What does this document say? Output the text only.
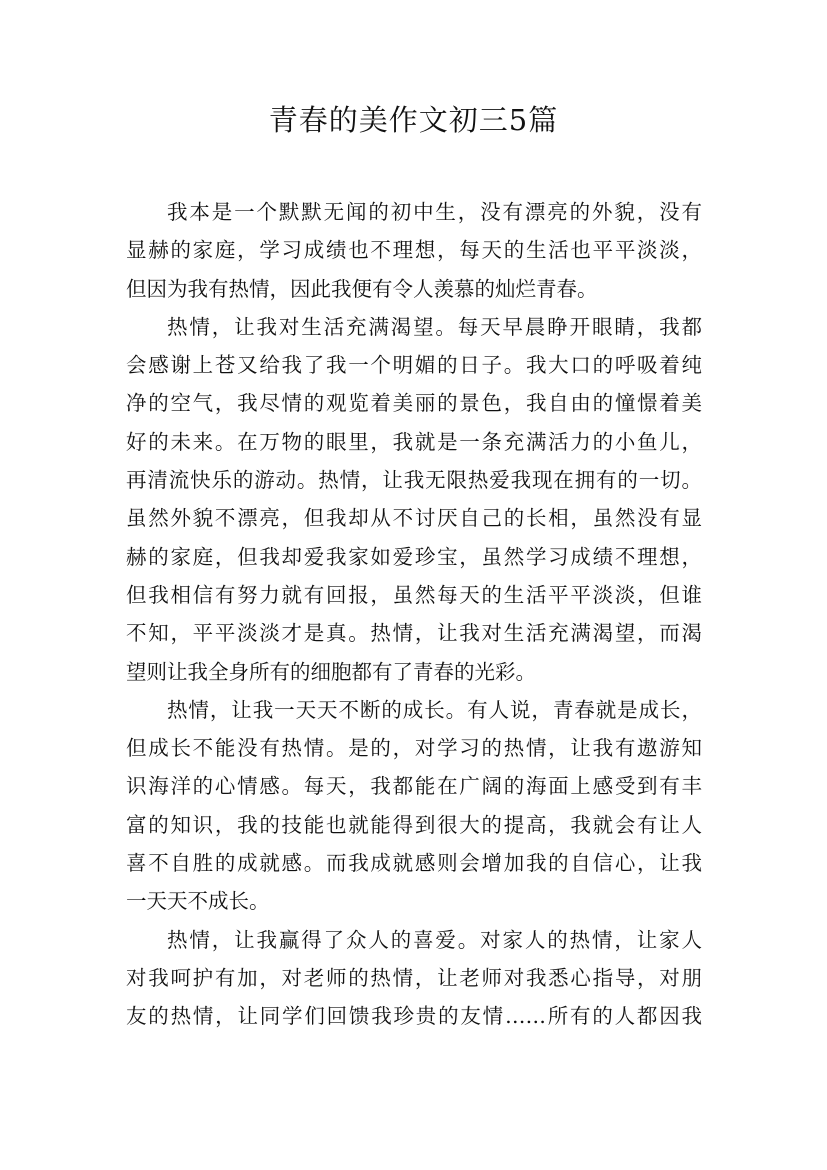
青春的美作文初三5篇
我本是一个默默无闻的初中生，没有漂亮的外貌，没有
显赫的家庭，学习成绩也不理想，每天的生活也平平淡淡，
但因为我有热情，因此我便有令人羡慕的灿烂青春。
热情，让我对生活充满渴望。每天早晨睁开眼睛，我都
会感谢上苍又给我了我一个明媚的日子。我大口的呼吸着纯
净的空气，我尽情的观览着美丽的景色，我自由的憧憬着美
好的未来。在万物的眼里，我就是一条充满活力的小鱼儿，
再清流快乐的游动。热情，让我无限热爱我现在拥有的一切。
虽然外貌不漂亮，但我却从不讨厌自己的长相，虽然没有显
赫的家庭，但我却爱我家如爱珍宝，虽然学习成绩不理想，
但我相信有努力就有回报，虽然每天的生活平平淡淡，但谁
不知，平平淡淡才是真。热情，让我对生活充满渴望，而渴
望则让我全身所有的细胞都有了青春的光彩。
热情，让我一天天不断的成长。有人说，青春就是成长，
但成长不能没有热情。是的，对学习的热情，让我有遨游知
识海洋的心情感。每天，我都能在广阔的海面上感受到有丰
富的知识，我的技能也就能得到很大的提高，我就会有让人
喜不自胜的成就感。而我成就感则会增加我的自信心，让我
一天天不成长。
热情，让我赢得了众人的喜爱。对家人的热情，让家人
对我呵护有加，对老师的热情，让老师对我悉心指导，对朋
友的热情，让同学们回馈我珍贵的友情……所有的人都因我
